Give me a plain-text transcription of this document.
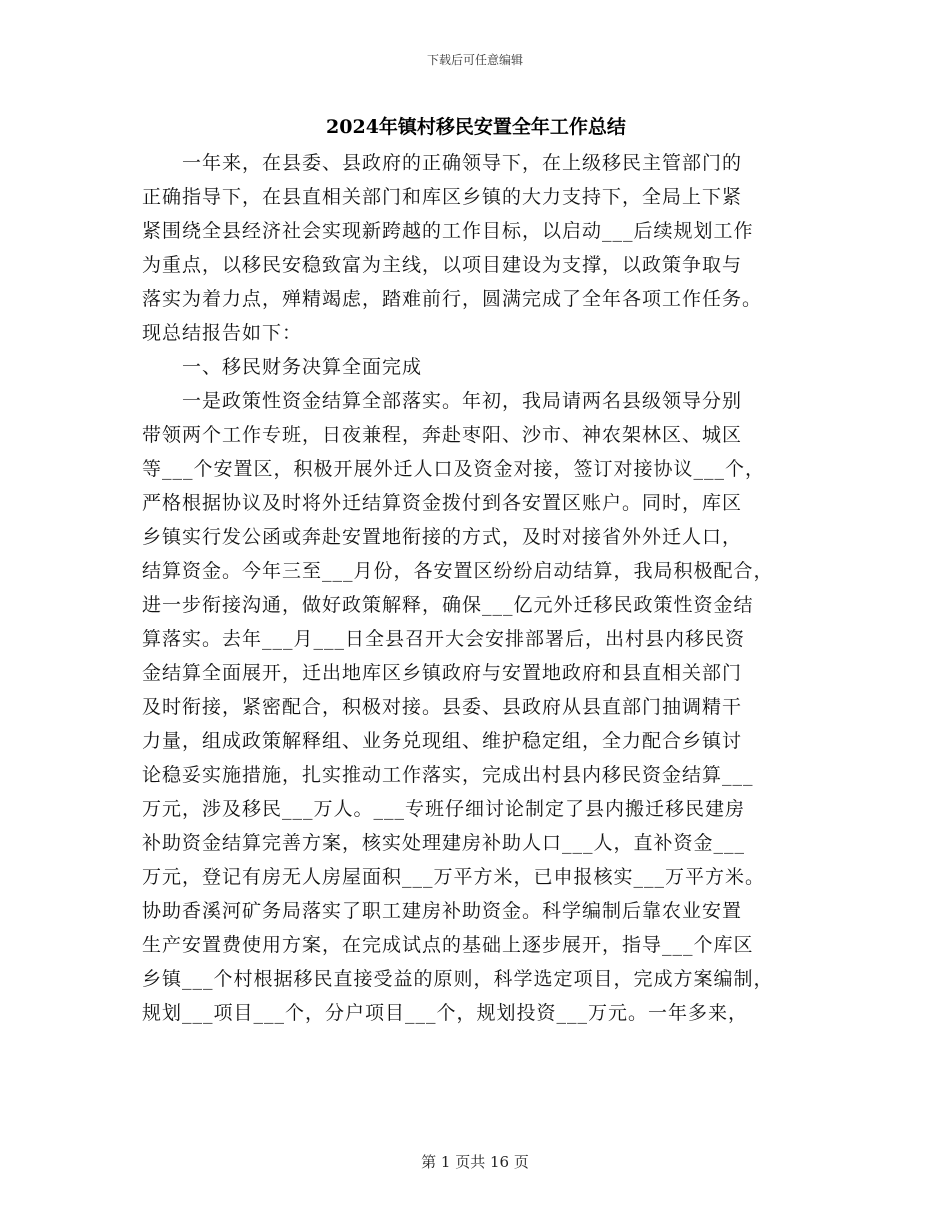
下载后可任意编辑
2024年镇村移民安置全年工作总结
　　一年来，在县委、县政府的正确领导下，在上级移民主管部门的
正确指导下，在县直相关部门和库区乡镇的大力支持下，全局上下紧
紧围绕全县经济社会实现新跨越的工作目标，以启动___后续规划工作
为重点，以移民安稳致富为主线，以项目建设为支撑，以政策争取与
落实为着力点，殚精竭虑，踏难前行，圆满完成了全年各项工作任务。
现总结报告如下：
　　一、移民财务决算全面完成
　　一是政策性资金结算全部落实。年初，我局请两名县级领导分别
带领两个工作专班，日夜兼程，奔赴枣阳、沙市、神农架林区、城区
等___个安置区，积极开展外迁人口及资金对接，签订对接协议___个，
严格根据协议及时将外迁结算资金拨付到各安置区账户。同时，库区
乡镇实行发公函或奔赴安置地衔接的方式，及时对接省外外迁人口，
结算资金。今年三至___月份，各安置区纷纷启动结算，我局积极配合，
进一步衔接沟通，做好政策解释，确保___亿元外迁移民政策性资金结
算落实。去年___月___日全县召开大会安排部署后，出村县内移民资
金结算全面展开，迁出地库区乡镇政府与安置地政府和县直相关部门
及时衔接，紧密配合，积极对接。县委、县政府从县直部门抽调精干
力量，组成政策解释组、业务兑现组、维护稳定组，全力配合乡镇讨
论稳妥实施措施，扎实推动工作落实，完成出村县内移民资金结算___
万元，涉及移民___万人。___专班仔细讨论制定了县内搬迁移民建房
补助资金结算完善方案，核实处理建房补助人口___人，直补资金___
万元，登记有房无人房屋面积___万平方米，已申报核实___万平方米。
协助香溪河矿务局落实了职工建房补助资金。科学编制后靠农业安置
生产安置费使用方案，在完成试点的基础上逐步展开，指导___个库区
乡镇___个村根据移民直接受益的原则，科学选定项目，完成方案编制，
规划___项目___个，分户项目___个，规划投资___万元。一年多来，
第 1 页共 16 页
